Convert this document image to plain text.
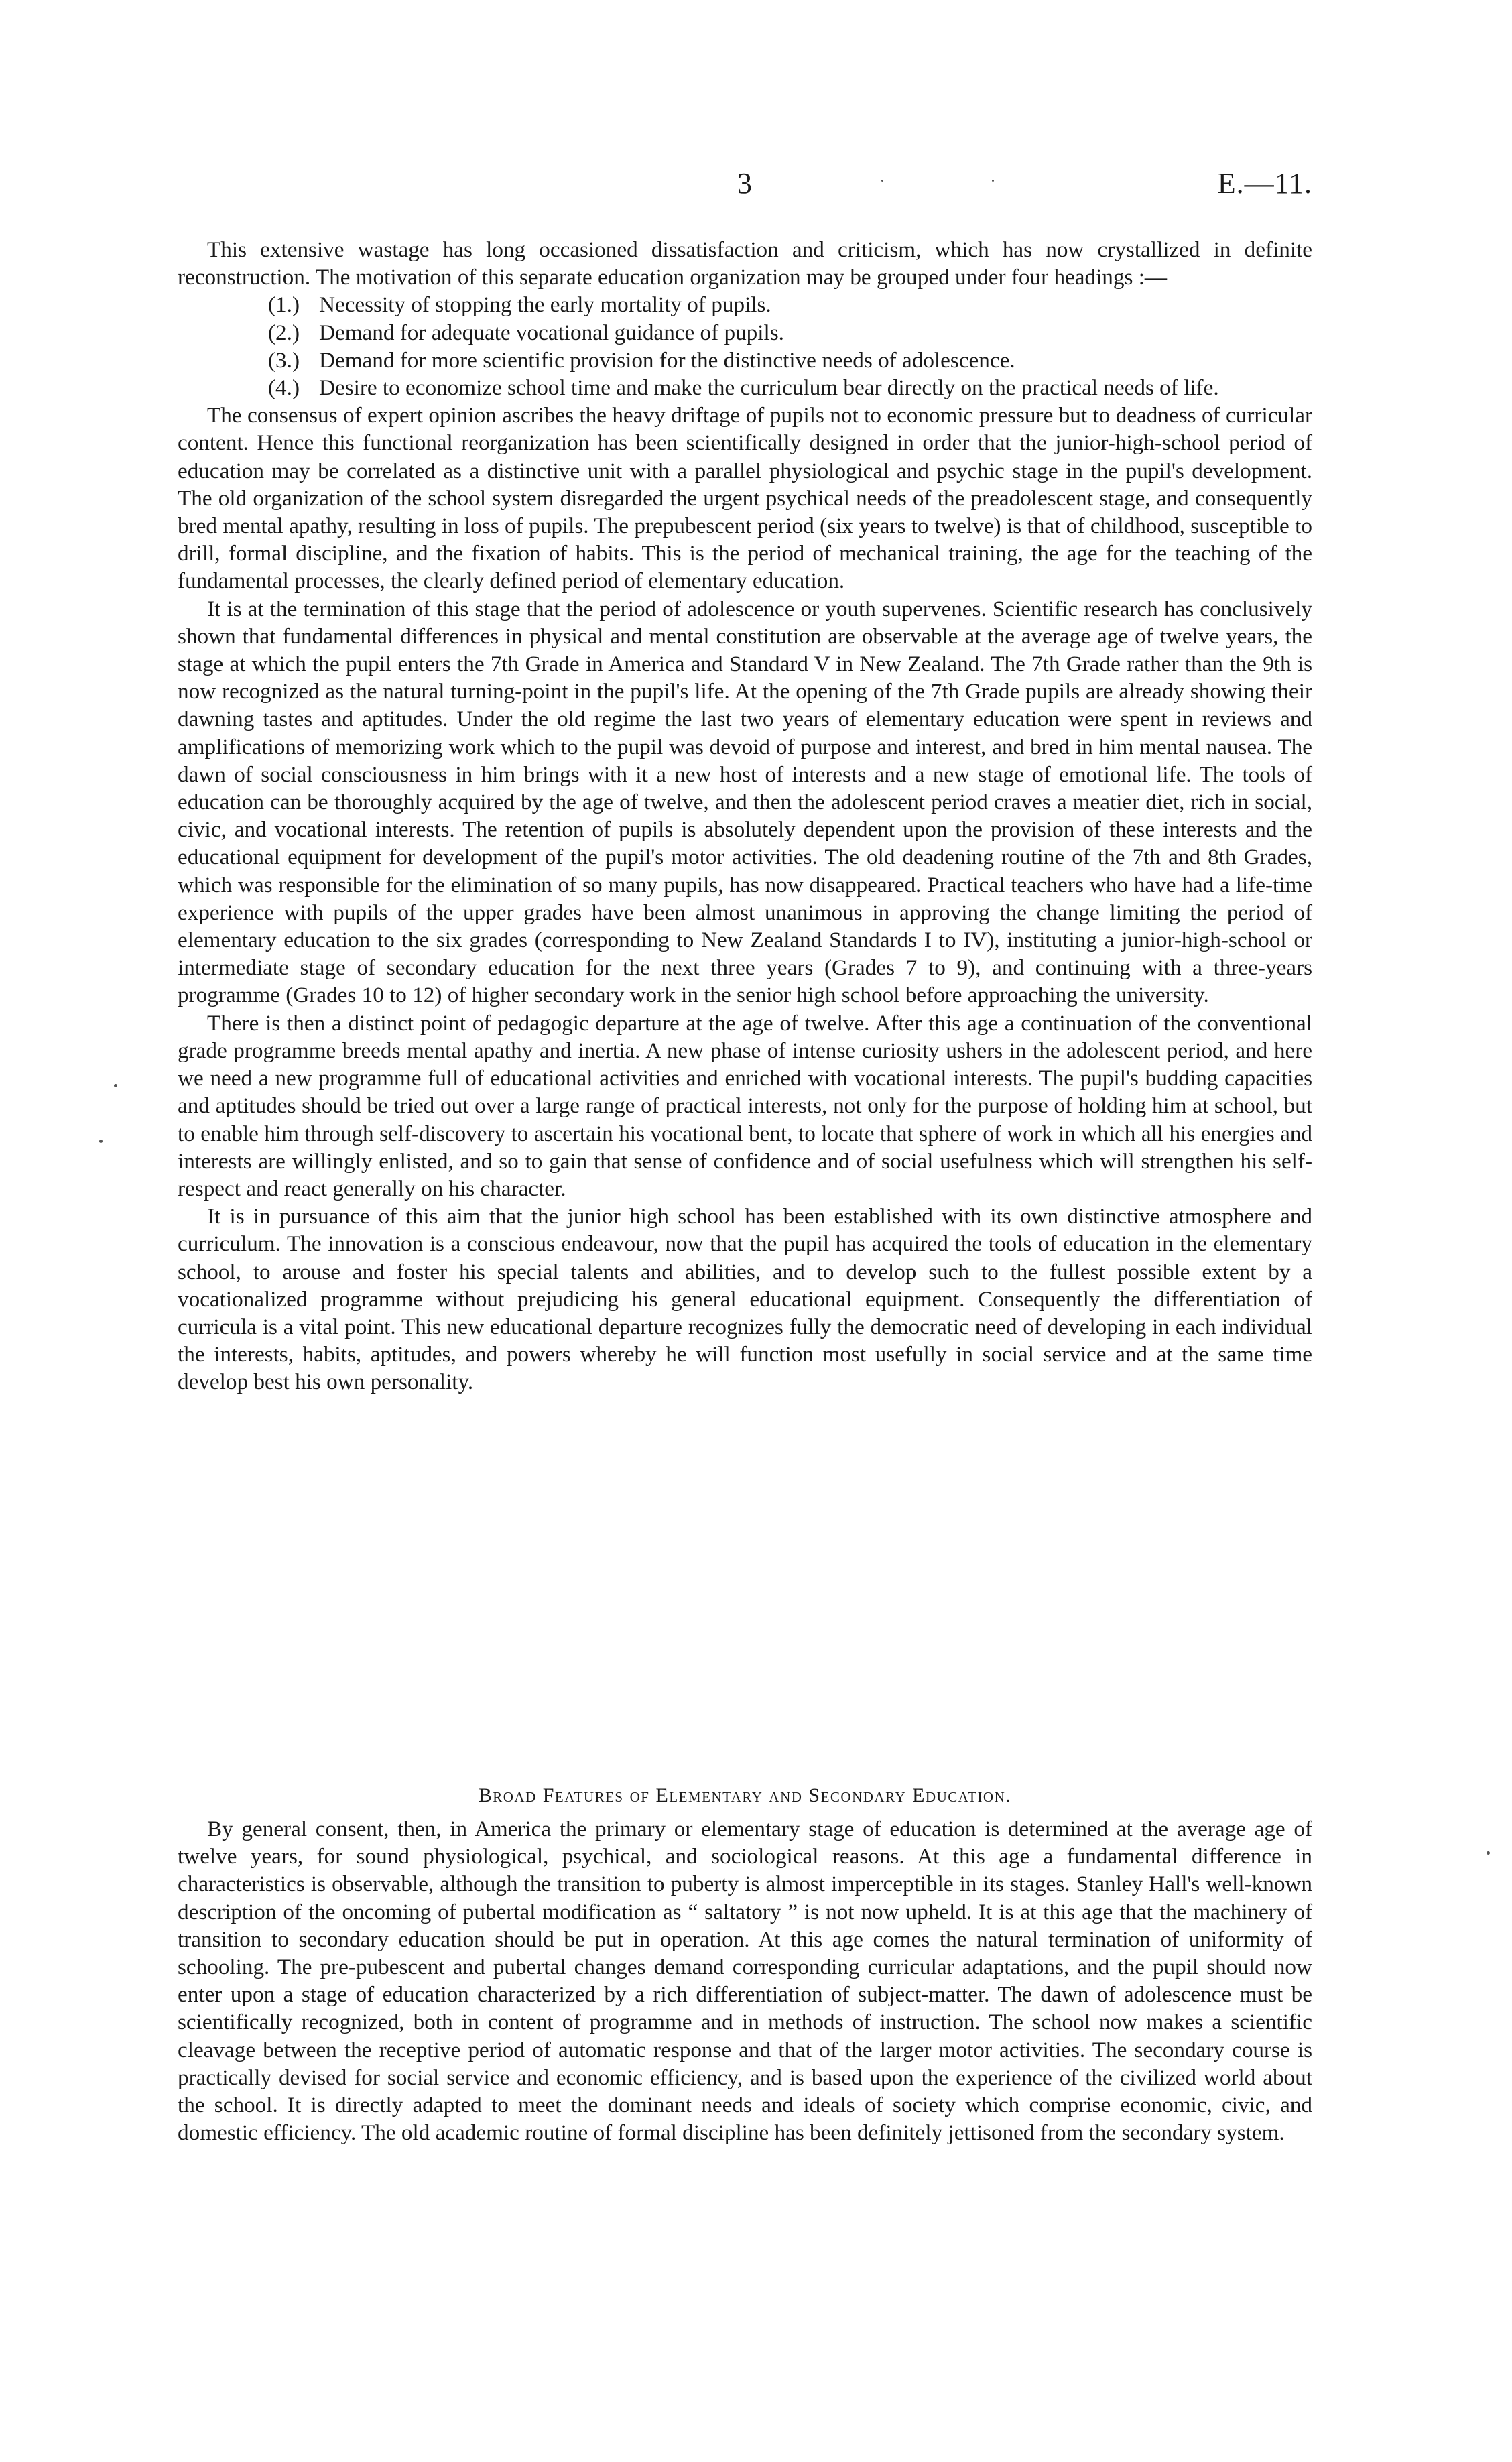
3	E.—11.

This extensive wastage has long occasioned dissatisfaction and criticism, which has now crystallized in definite reconstruction. The motivation of this separate education organization may be grouped under four headings :—

(1.) Necessity of stopping the early mortality of pupils.
(2.) Demand for adequate vocational guidance of pupils.
(3.) Demand for more scientific provision for the distinctive needs of adolescence.
(4.) Desire to economize school time and make the curriculum bear directly on the practical needs of life.

The consensus of expert opinion ascribes the heavy driftage of pupils not to economic pressure but to deadness of curricular content. Hence this functional reorganization has been scientifically designed in order that the junior-high-school period of education may be correlated as a distinctive unit with a parallel physiological and psychic stage in the pupil's development. The old organization of the school system disregarded the urgent psychical needs of the preadolescent stage, and consequently bred mental apathy, resulting in loss of pupils. The prepubescent period (six years to twelve) is that of childhood, susceptible to drill, formal discipline, and the fixation of habits. This is the period of mechanical training, the age for the teaching of the fundamental processes, the clearly defined period of elementary education.

It is at the termination of this stage that the period of adolescence or youth supervenes. Scientific research has conclusively shown that fundamental differences in physical and mental constitution are observable at the average age of twelve years, the stage at which the pupil enters the 7th Grade in America and Standard V in New Zealand. The 7th Grade rather than the 9th is now recognized as the natural turning-point in the pupil's life. At the opening of the 7th Grade pupils are already showing their dawning tastes and aptitudes. Under the old regime the last two years of elementary education were spent in reviews and amplifications of memorizing work which to the pupil was devoid of purpose and interest, and bred in him mental nausea. The dawn of social consciousness in him brings with it a new host of interests and a new stage of emotional life. The tools of education can be thoroughly acquired by the age of twelve, and then the adolescent period craves a meatier diet, rich in social, civic, and vocational interests. The retention of pupils is absolutely dependent upon the provision of these interests and the educational equipment for development of the pupil's motor activities. The old deadening routine of the 7th and 8th Grades, which was responsible for the elimination of so many pupils, has now disappeared. Practical teachers who have had a life-time experience with pupils of the upper grades have been almost unanimous in approving the change limiting the period of elementary education to the six grades (corresponding to New Zealand Standards I to IV), instituting a junior-high-school or intermediate stage of secondary education for the next three years (Grades 7 to 9), and continuing with a three-years programme (Grades 10 to 12) of higher secondary work in the senior high school before approaching the university.

There is then a distinct point of pedagogic departure at the age of twelve. After this age a continuation of the conventional grade programme breeds mental apathy and inertia. A new phase of intense curiosity ushers in the adolescent period, and here we need a new programme full of educational activities and enriched with vocational interests. The pupil's budding capacities and aptitudes should be tried out over a large range of practical interests, not only for the purpose of holding him at school, but to enable him through self-discovery to ascertain his vocational bent, to locate that sphere of work in which all his energies and interests are willingly enlisted, and so to gain that sense of confidence and of social usefulness which will strengthen his self-respect and react generally on his character.

It is in pursuance of this aim that the junior high school has been established with its own distinctive atmosphere and curriculum. The innovation is a conscious endeavour, now that the pupil has acquired the tools of education in the elementary school, to arouse and foster his special talents and abilities, and to develop such to the fullest possible extent by a vocationalized programme without prejudicing his general educational equipment. Consequently the differentiation of curricula is a vital point. This new educational departure recognizes fully the democratic need of developing in each individual the interests, habits, aptitudes, and powers whereby he will function most usefully in social service and at the same time develop best his own personality.

Broad Features of Elementary and Secondary Education.

By general consent, then, in America the primary or elementary stage of education is determined at the average age of twelve years, for sound physiological, psychical, and sociological reasons. At this age a fundamental difference in characteristics is observable, although the transition to puberty is almost imperceptible in its stages. Stanley Hall's well-known description of the oncoming of pubertal modification as “ saltatory ” is not now upheld. It is at this age that the machinery of transition to secondary education should be put in operation. At this age comes the natural termination of uniformity of schooling. The pre-pubescent and pubertal changes demand corresponding curricular adaptations, and the pupil should now enter upon a stage of education characterized by a rich differentiation of subject-matter. The dawn of adolescence must be scientifically recognized, both in content of programme and in methods of instruction. The school now makes a scientific cleavage between the receptive period of automatic response and that of the larger motor activities. The secondary course is practically devised for social service and economic efficiency, and is based upon the experience of the civilized world about the school. It is directly adapted to meet the dominant needs and ideals of society which comprise economic, civic, and domestic efficiency. The old academic routine of formal discipline has been definitely jettisoned from the secondary system.
